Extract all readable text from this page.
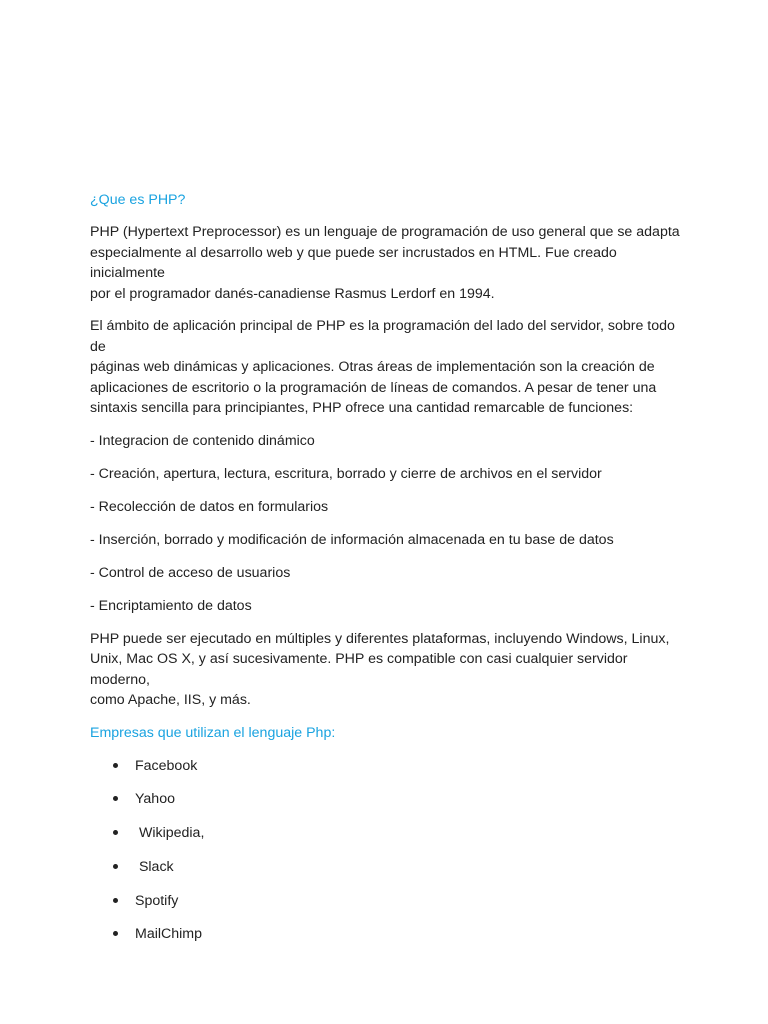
¿Que es PHP?
PHP (Hypertext Preprocessor) es un lenguaje de programación de uso general que se adapta
especialmente al desarrollo web y que puede ser incrustados en HTML. Fue creado inicialmente
por el programador danés-canadiense Rasmus Lerdorf en 1994.
El ámbito de aplicación principal de PHP es la programación del lado del servidor, sobre todo de
páginas web dinámicas y aplicaciones. Otras áreas de implementación son la creación de
aplicaciones de escritorio o la programación de líneas de comandos. A pesar de tener una
sintaxis sencilla para principiantes, PHP ofrece una cantidad remarcable de funciones:
- Integracion de contenido dinámico
- Creación, apertura, lectura, escritura, borrado y cierre de archivos en el servidor
- Recolección de datos en formularios
- Inserción, borrado y modificación de información almacenada en tu base de datos
- Control de acceso de usuarios
- Encriptamiento de datos
PHP puede ser ejecutado en múltiples y diferentes plataformas, incluyendo Windows, Linux,
Unix, Mac OS X, y así sucesivamente. PHP es compatible con casi cualquier servidor moderno,
como Apache, IIS, y más.
Empresas que utilizan el lenguaje Php:
Facebook
Yahoo
Wikipedia,
Slack
Spotify
MailChimp
